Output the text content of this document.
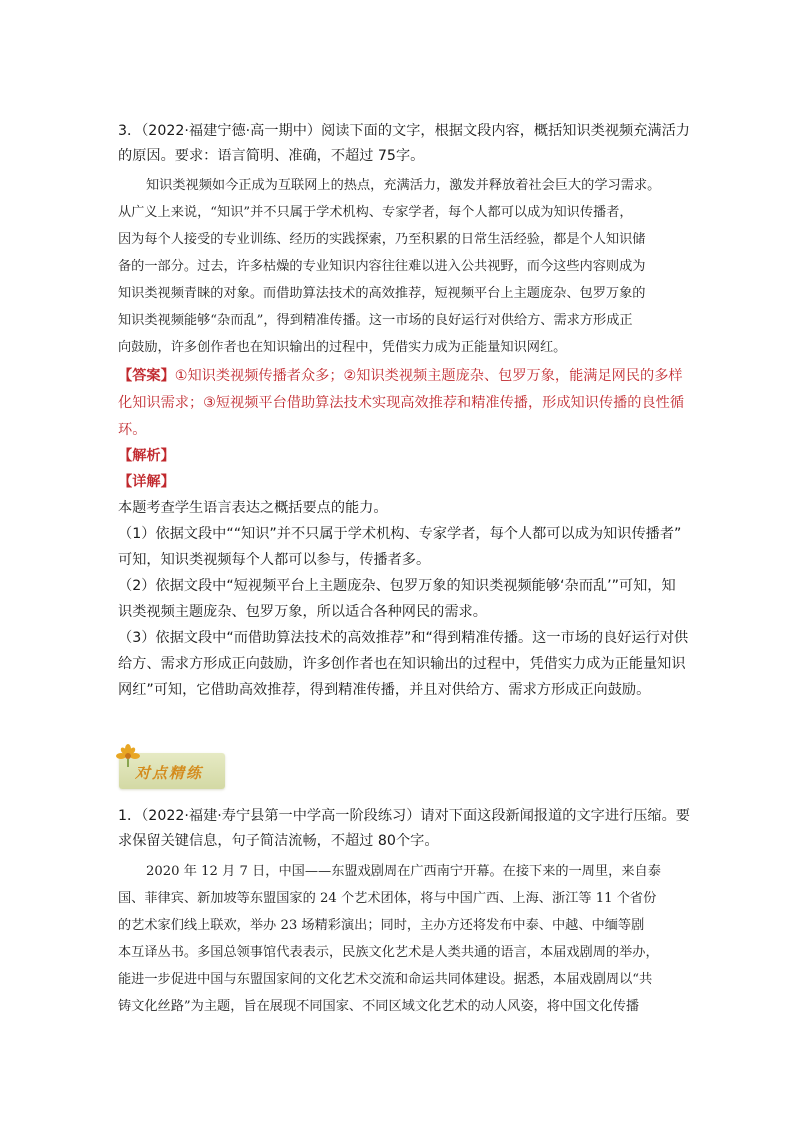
3．（2022·福建宁德·高一期中）阅读下面的文字，根据文段内容，概括知识类视频充满活力
的原因。要求：语言简明、准确，不超过 75字。
知识类视频如今正成为互联网上的热点，充满活力，激发并释放着社会巨大的学习需求。
从广义上来说，“知识”并不只属于学术机构、专家学者，每个人都可以成为知识传播者，
因为每个人接受的专业训练、经历的实践探索，乃至积累的日常生活经验，都是个人知识储
备的一部分。过去，许多枯燥的专业知识内容往往难以进入公共视野，而今这些内容则成为
知识类视频青睐的对象。而借助算法技术的高效推荐，短视频平台上主题庞杂、包罗万象的
知识类视频能够“杂而乱”，得到精准传播。这一市场的良好运行对供给方、需求方形成正
向鼓励，许多创作者也在知识输出的过程中，凭借实力成为正能量知识网红。
【答案】①知识类视频传播者众多；②知识类视频主题庞杂、包罗万象，能满足网民的多样
化知识需求；③短视频平台借助算法技术实现高效推荐和精准传播，形成知识传播的良性循
环。
【解析】
【详解】
本题考查学生语言表达之概括要点的能力。
（1）依据文段中““知识”并不只属于学术机构、专家学者，每个人都可以成为知识传播者”
可知，知识类视频每个人都可以参与，传播者多。
（2）依据文段中“短视频平台上主题庞杂、包罗万象的知识类视频能够‘杂而乱’”可知，知
识类视频主题庞杂、包罗万象，所以适合各种网民的需求。
（3）依据文段中“而借助算法技术的高效推荐”和“得到精准传播。这一市场的良好运行对供
给方、需求方形成正向鼓励，许多创作者也在知识输出的过程中，凭借实力成为正能量知识
网红”可知，它借助高效推荐，得到精准传播，并且对供给方、需求方形成正向鼓励。
对点精练
1．（2022·福建·寿宁县第一中学高一阶段练习）请对下面这段新闻报道的文字进行压缩。要
求保留关键信息，句子简洁流畅，不超过 80个字。
2020 年 12 月 7 日，中国——东盟戏剧周在广西南宁开幕。在接下来的一周里，来自泰
国、菲律宾、新加坡等东盟国家的 24 个艺术团体，将与中国广西、上海、浙江等 11 个省份
的艺术家们线上联欢，举办 23 场精彩演出；同时，主办方还将发布中泰、中越、中缅等剧
本互译丛书。多国总领事馆代表表示，民族文化艺术是人类共通的语言，本届戏剧周的举办，
能进一步促进中国与东盟国家间的文化艺术交流和命运共同体建设。据悉，本届戏剧周以“共
铸文化丝路”为主题，旨在展现不同国家、不同区域文化艺术的动人风姿，将中国文化传播
